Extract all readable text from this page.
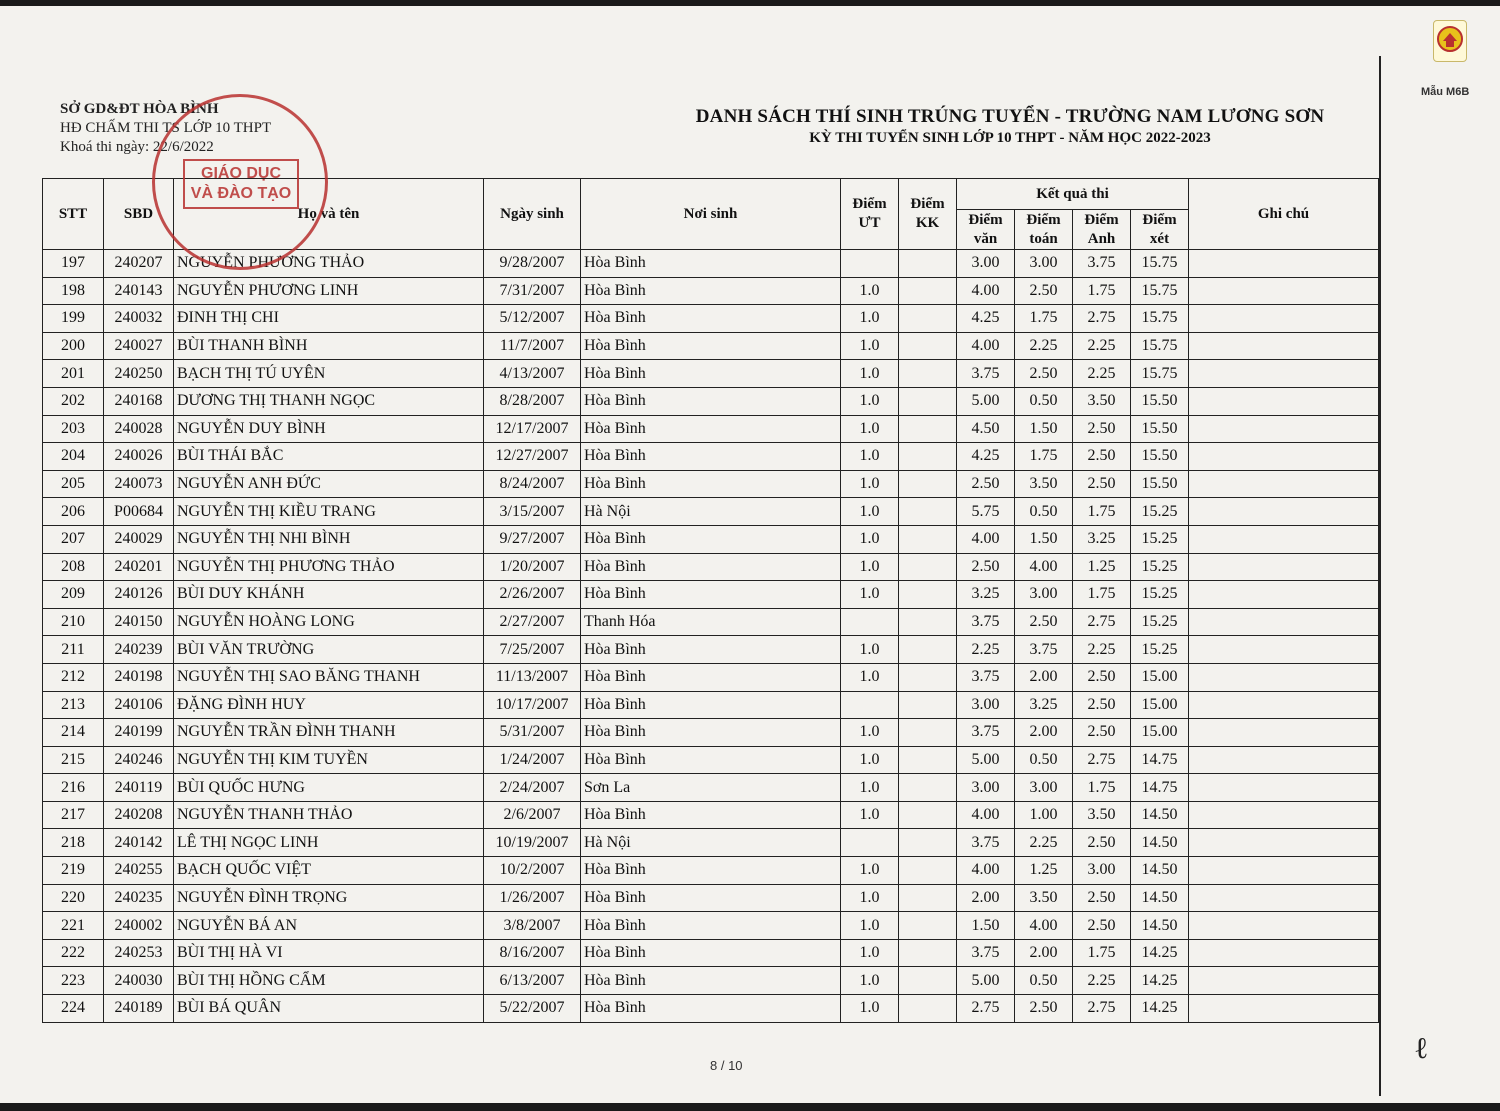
Mẫu M6B
SỞ GD&ĐT HÒA BÌNH
HĐ CHẤM THI TS LỚP 10 THPT
Khoá thi ngày: 22/6/2022
DANH SÁCH THÍ SINH TRÚNG TUYỂN - TRƯỜNG NAM LƯƠNG SƠN
KỲ THI TUYỂN SINH LỚP 10 THPT - NĂM HỌC 2022-2023
STT	SBD	Họ và tên	Ngày sinh	Nơi sinh	Điểm ƯT	Điểm KK	Kết quả thi				Ghi chú
							Điểm văn	Điểm toán	Điểm Anh	Điểm xét	
197	240207	NGUYỄN PHƯƠNG THẢO	9/28/2007	Hòa Bình			3.00	3.00	3.75	15.75	
198	240143	NGUYỄN PHƯƠNG LINH	7/31/2007	Hòa Bình	1.0		4.00	2.50	1.75	15.75	
199	240032	ĐINH THỊ CHI	5/12/2007	Hòa Bình	1.0		4.25	1.75	2.75	15.75	
200	240027	BÙI THANH BÌNH	11/7/2007	Hòa Bình	1.0		4.00	2.25	2.25	15.75	
201	240250	BẠCH THỊ TÚ UYÊN	4/13/2007	Hòa Bình	1.0		3.75	2.50	2.25	15.75	
202	240168	DƯƠNG THỊ THANH NGỌC	8/28/2007	Hòa Bình	1.0		5.00	0.50	3.50	15.50	
203	240028	NGUYỄN DUY BÌNH	12/17/2007	Hòa Bình	1.0		4.50	1.50	2.50	15.50	
204	240026	BÙI THÁI BẮC	12/27/2007	Hòa Bình	1.0		4.25	1.75	2.50	15.50	
205	240073	NGUYỄN ANH ĐỨC	8/24/2007	Hòa Bình	1.0		2.50	3.50	2.50	15.50	
206	P00684	NGUYỄN THỊ KIỀU TRANG	3/15/2007	Hà Nội	1.0		5.75	0.50	1.75	15.25	
207	240029	NGUYỄN THỊ NHI BÌNH	9/27/2007	Hòa Bình	1.0		4.00	1.50	3.25	15.25	
208	240201	NGUYỄN THỊ PHƯƠNG THẢO	1/20/2007	Hòa Bình	1.0		2.50	4.00	1.25	15.25	
209	240126	BÙI DUY KHÁNH	2/26/2007	Hòa Bình	1.0		3.25	3.00	1.75	15.25	
210	240150	NGUYỄN HOÀNG LONG	2/27/2007	Thanh Hóa			3.75	2.50	2.75	15.25	
211	240239	BÙI VĂN TRƯỜNG	7/25/2007	Hòa Bình	1.0		2.25	3.75	2.25	15.25	
212	240198	NGUYỄN THỊ SAO BĂNG THANH	11/13/2007	Hòa Bình	1.0		3.75	2.00	2.50	15.00	
213	240106	ĐẶNG ĐÌNH HUY	10/17/2007	Hòa Bình			3.00	3.25	2.50	15.00	
214	240199	NGUYỄN TRẦN ĐÌNH THANH	5/31/2007	Hòa Bình	1.0		3.75	2.00	2.50	15.00	
215	240246	NGUYỄN THỊ KIM TUYỀN	1/24/2007	Hòa Bình	1.0		5.00	0.50	2.75	14.75	
216	240119	BÙI QUỐC HƯNG	2/24/2007	Sơn La	1.0		3.00	3.00	1.75	14.75	
217	240208	NGUYỄN THANH THẢO	2/6/2007	Hòa Bình	1.0		4.00	1.00	3.50	14.50	
218	240142	LÊ THỊ NGỌC LINH	10/19/2007	Hà Nội			3.75	2.25	2.50	14.50	
219	240255	BẠCH QUỐC VIỆT	10/2/2007	Hòa Bình	1.0		4.00	1.25	3.00	14.50	
220	240235	NGUYỄN ĐÌNH TRỌNG	1/26/2007	Hòa Bình	1.0		2.00	3.50	2.50	14.50	
221	240002	NGUYỄN BÁ AN	3/8/2007	Hòa Bình	1.0		1.50	4.00	2.50	14.50	
222	240253	BÙI THỊ HÀ VI	8/16/2007	Hòa Bình	1.0		3.75	2.00	1.75	14.25	
223	240030	BÙI THỊ HỒNG CẨM	6/13/2007	Hòa Bình	1.0		5.00	0.50	2.25	14.25	
224	240189	BÙI BÁ QUÂN	5/22/2007	Hòa Bình	1.0		2.75	2.50	2.75	14.25	
GIÁO DỤC
VÀ ĐÀO TẠO
8 / 10
ℓ
